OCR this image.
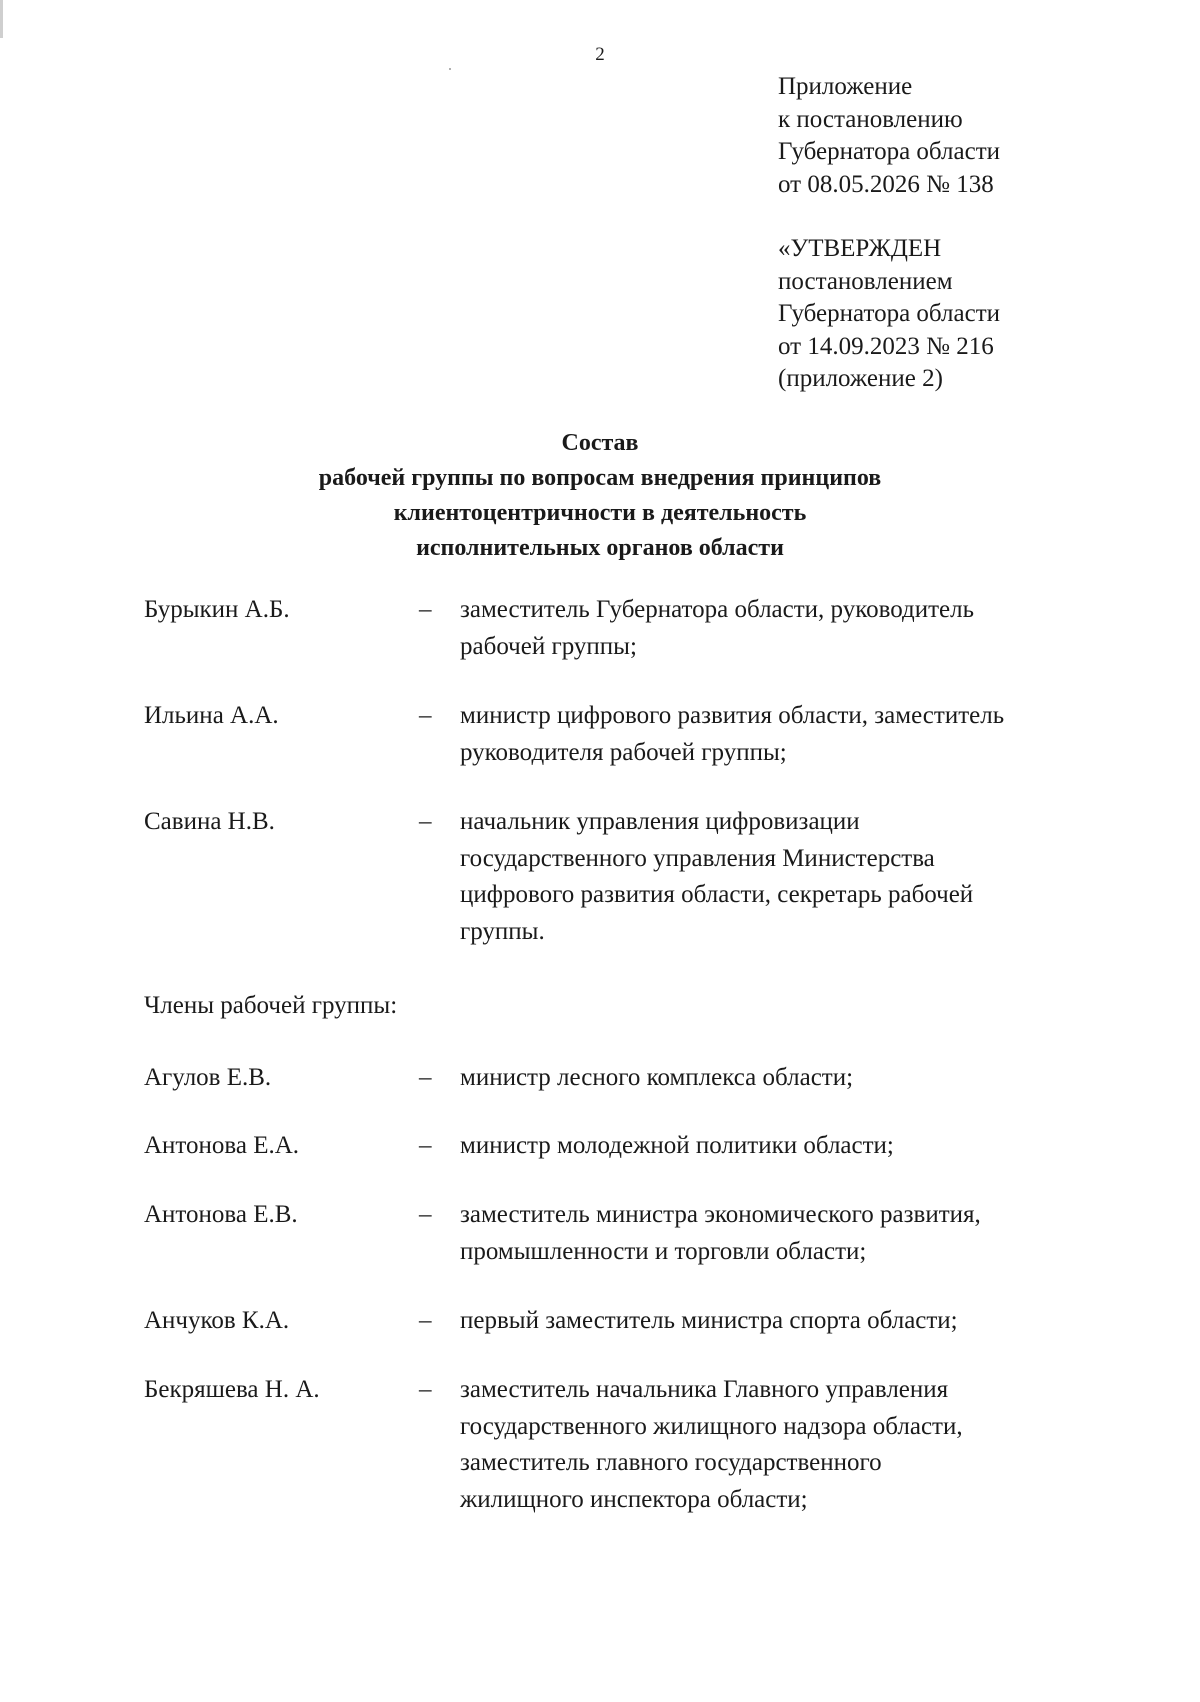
2
Приложение
к постановлению
Губернатора области
от 08.05.2026 № 138
«УТВЕРЖДЕН
постановлением
Губернатора области
от 14.09.2023 № 216
(приложение 2)
Состав
рабочей группы по вопросам внедрения принципов
клиентоцентричности в деятельность
исполнительных органов области
Бурыкин А.Б.	– заместитель Губернатора области, руководитель
рабочей группы;
Ильина А.А.	– министр цифрового развития области, заместитель
руководителя рабочей группы;
Савина Н.В.	– начальник управления цифровизации
государственного управления Министерства
цифрового развития области, секретарь рабочей
группы.
Члены рабочей группы:
Агулов Е.В.	– министр лесного комплекса области;
Антонова Е.А.	– министр молодежной политики области;
Антонова Е.В.	– заместитель министра экономического развития,
промышленности и торговли области;
Анчуков К.А.	– первый заместитель министра спорта области;
Бекряшева Н. А.	– заместитель начальника Главного управления
государственного жилищного надзора области,
заместитель главного государственного
жилищного инспектора области;
